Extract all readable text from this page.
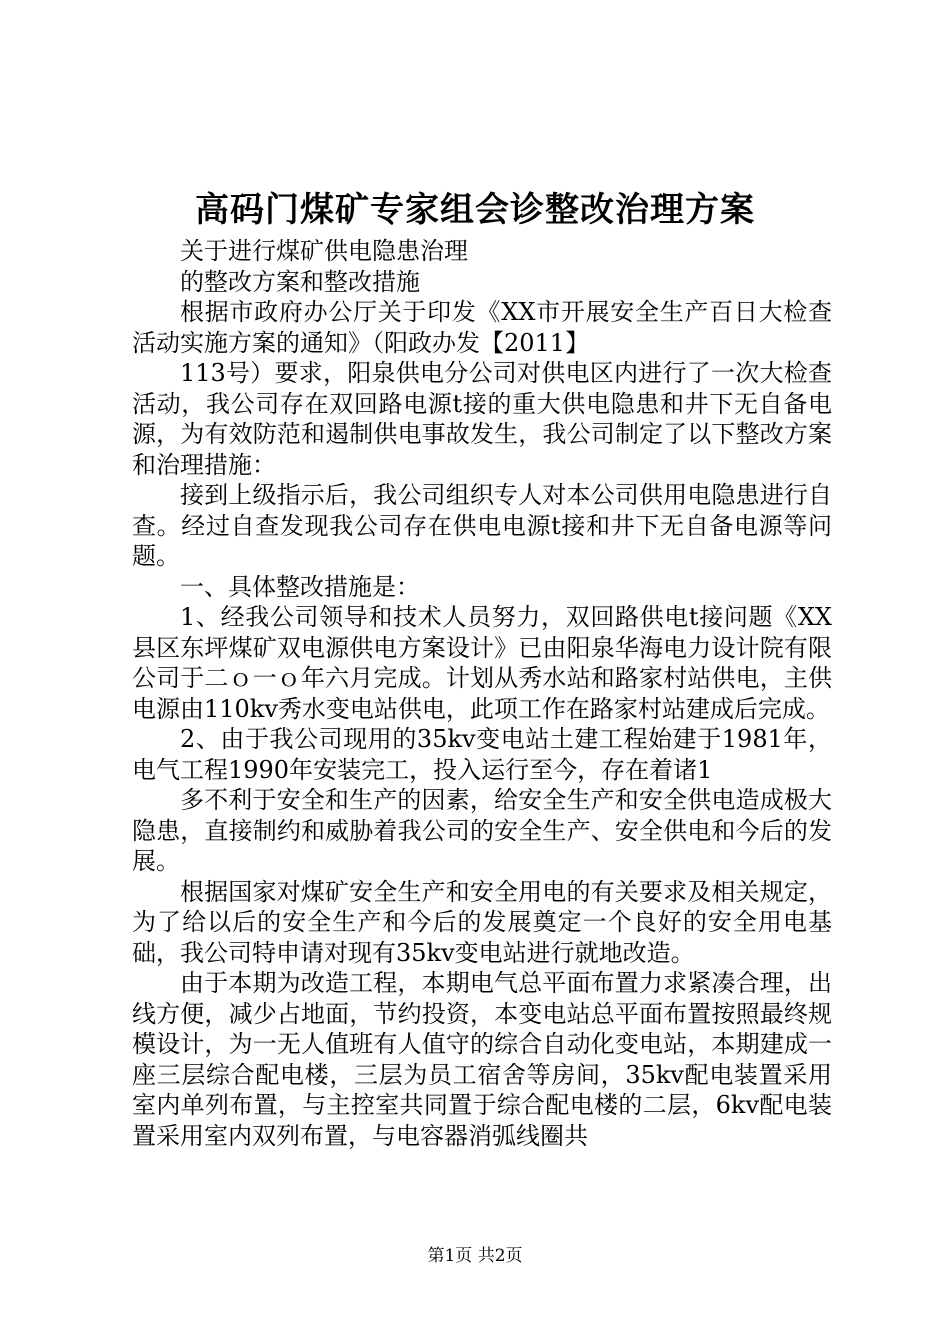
高码门煤矿专家组会诊整改治理方案

关于进行煤矿供电隐患治理

的整改方案和整改措施

根据市政府办公厅关于印发《XX市开展安全生产百日大检查活动实施方案的通知》（阳政办发【2011】

113号）要求，阳泉供电分公司对供电区内进行了一次大检查活动，我公司存在双回路电源t接的重大供电隐患和井下无自备电源，为有效防范和遏制供电事故发生，我公司制定了以下整改方案和治理措施：

接到上级指示后，我公司组织专人对本公司供用电隐患进行自查。经过自查发现我公司存在供电电源t接和井下无自备电源等问题。

一、具体整改措施是：

1、经我公司领导和技术人员努力，双回路供电t接问题《XX县区东坪煤矿双电源供电方案设计》已由阳泉华海电力设计院有限公司于二ｏ一ｏ年六月完成。计划从秀水站和路家村站供电，主供电源由110kv秀水变电站供电，此项工作在路家村站建成后完成。

2、由于我公司现用的35kv变电站土建工程始建于1981年，电气工程1990年安装完工，投入运行至今，存在着诸1

多不利于安全和生产的因素，给安全生产和安全供电造成极大隐患，直接制约和威胁着我公司的安全生产、安全供电和今后的发展。

根据国家对煤矿安全生产和安全用电的有关要求及相关规定，为了给以后的安全生产和今后的发展奠定一个良好的安全用电基础，我公司特申请对现有35kv变电站进行就地改造。

由于本期为改造工程，本期电气总平面布置力求紧凑合理，出线方便，减少占地面，节约投资，本变电站总平面布置按照最终规模设计，为一无人值班有人值守的综合自动化变电站，本期建成一座三层综合配电楼，三层为员工宿舍等房间，35kv配电装置采用室内单列布置，与主控室共同置于综合配电楼的二层，6kv配电装置采用室内双列布置，与电容器消弧线圈共

第1页 共2页
